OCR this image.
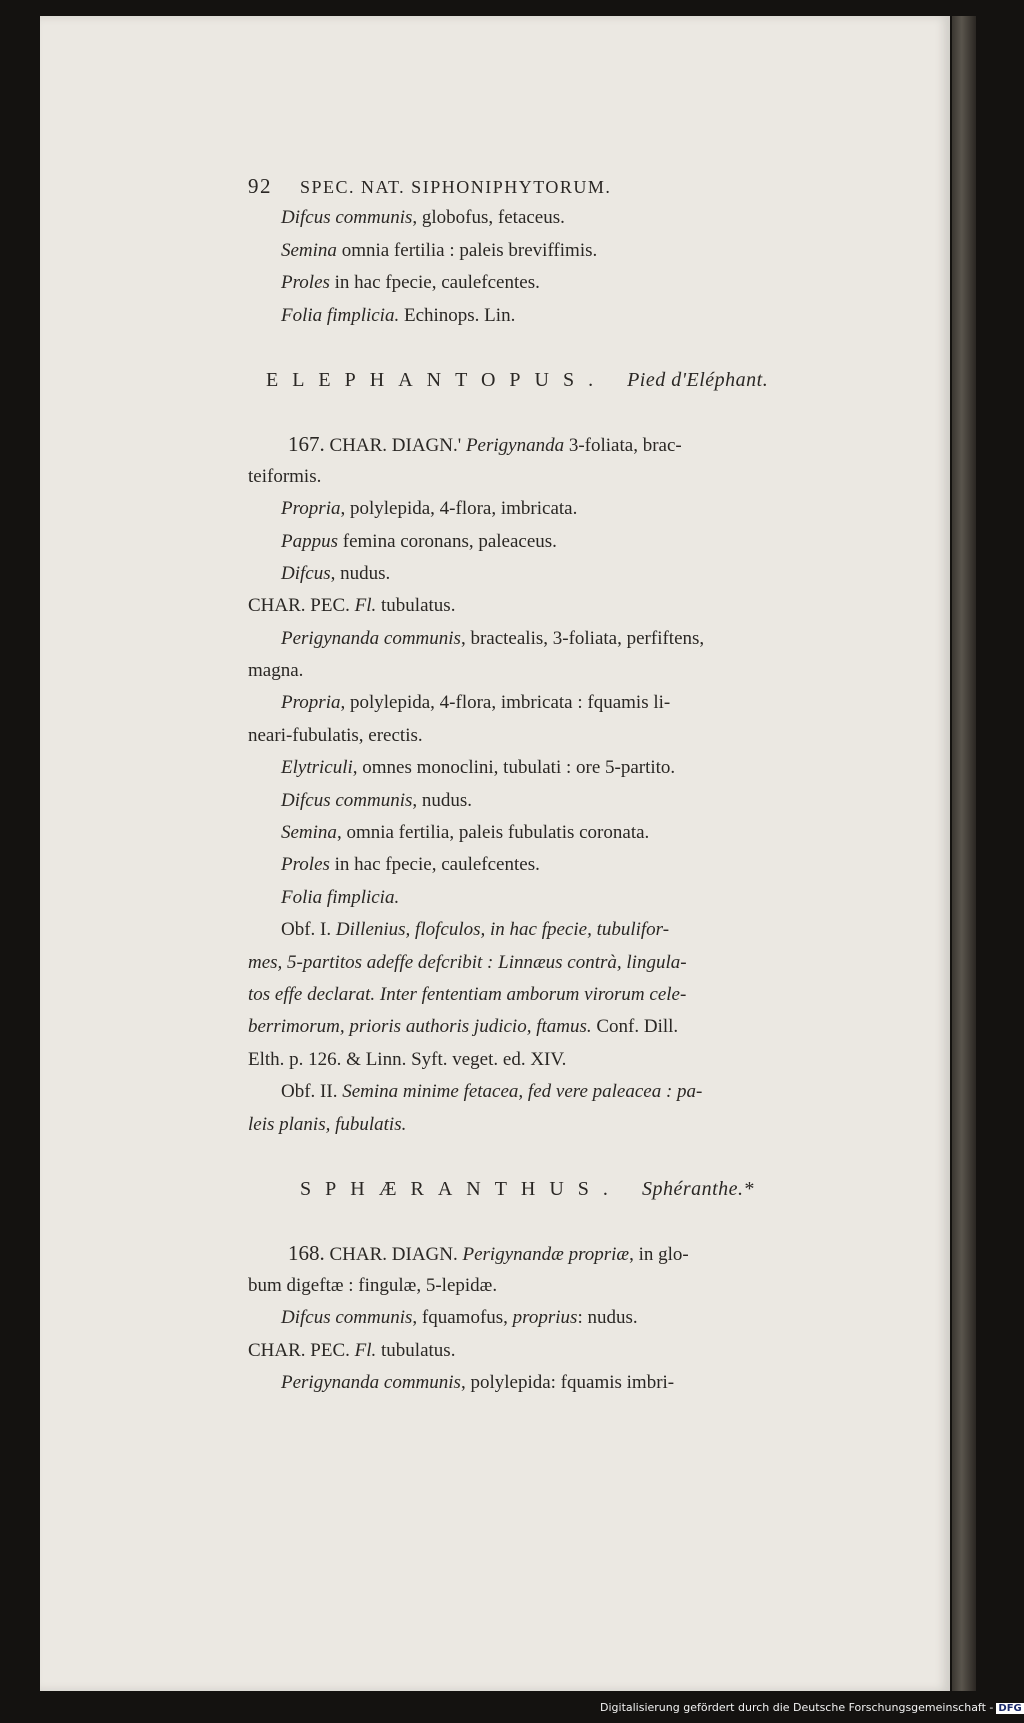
92 SPEC. NAT. SIPHONIPHYTORUM.
Difcus communis, globofus, fetaceus.
Semina omnia fertilia : paleis breviffimis.
Proles in hac fpecie, caulefcentes.
Folia fimplicia. Echinops. Lin.
ELEPHANTOPUS. Pied d'Eléphant.
167. CHAR. DIAGN.' Perigynanda 3-foliata, brac-
teiformis.
Propria, polylepida, 4-flora, imbricata.
Pappus femina coronans, paleaceus.
Difcus, nudus.
CHAR. PEC. Fl. tubulatus.
Perigynanda communis, bractealis, 3-foliata, perfiftens,
magna.
Propria, polylepida, 4-flora, imbricata : fquamis li-
neari-fubulatis, erectis.
Elytriculi, omnes monoclini, tubulati : ore 5-partito.
Difcus communis, nudus.
Semina, omnia fertilia, paleis fubulatis coronata.
Proles in hac fpecie, caulefcentes.
Folia fimplicia.
Obf. I. Dillenius, flofculos, in hac fpecie, tubulifor-
mes, 5-partitos adeffe defcribit : Linnæus contrà, lingula-
tos effe declarat. Inter fententiam amborum virorum cele-
berrimorum, prioris authoris judicio, ftamus. Conf. Dill.
Elth. p. 126. & Linn. Syft. veget. ed. XIV.
Obf. II. Semina minime fetacea, fed vere paleacea : pa-
leis planis, fubulatis.
SPHÆRANTHUS. Sphéranthe.*
168. CHAR. DIAGN. Perigynandæ propriæ, in glo-
bum digeftæ : fingulæ, 5-lepidæ.
Difcus communis, fquamofus, proprius: nudus.
CHAR. PEC. Fl. tubulatus.
Perigynanda communis, polylepida: fquamis imbri-
Digitalisierung gefördert durch die Deutsche Forschungsgemeinschaft - DFG
